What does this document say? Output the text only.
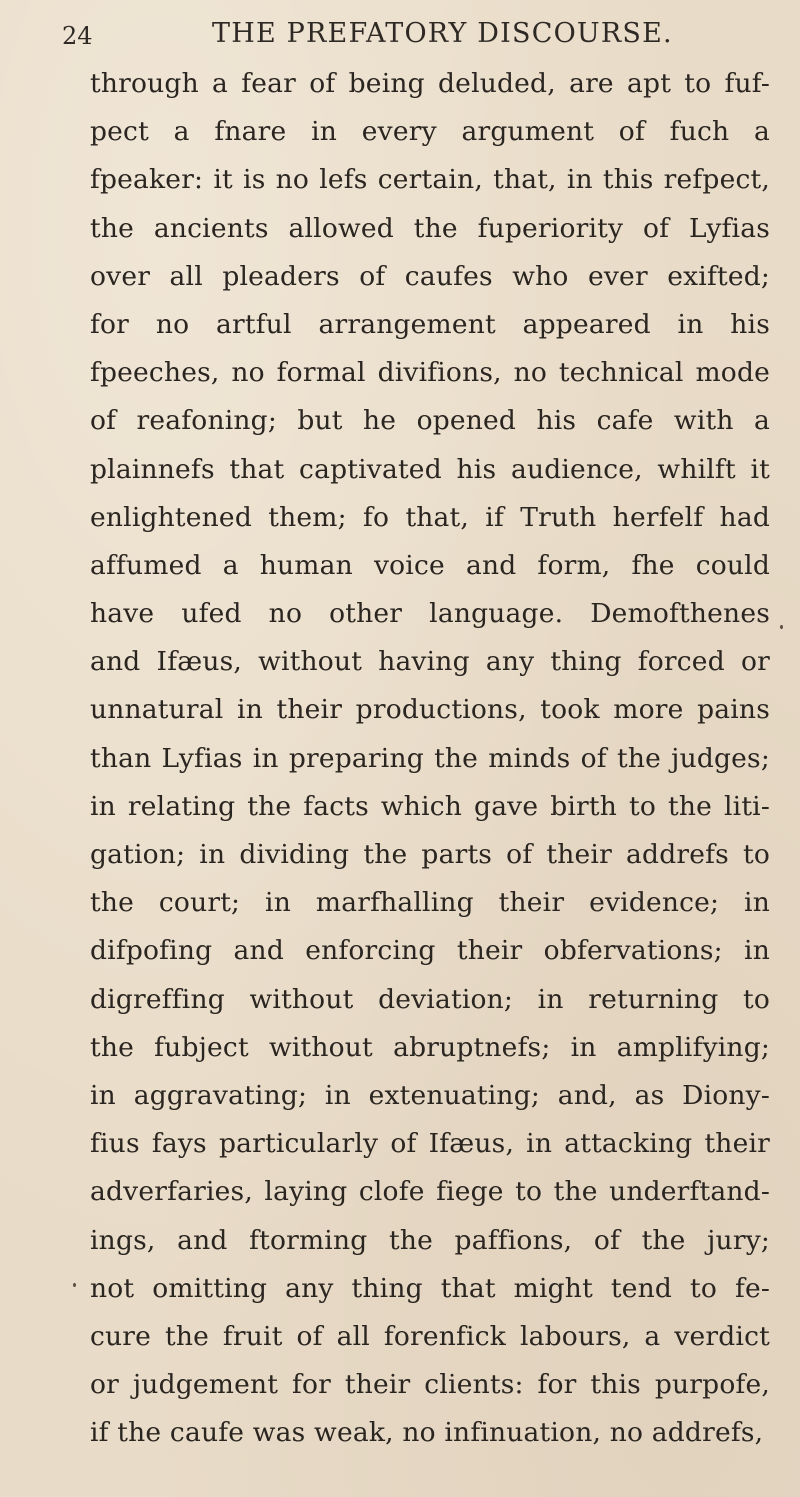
24	THE PREFATORY DISCOURSE.
through a fear of being deluded, are apt to fuf-
pect a fnare in every argument of fuch a
fpeaker: it is no lefs certain, that, in this refpect,
the ancients allowed the fuperiority of Lyfias
over all pleaders of caufes who ever exifted;
for no artful arrangement appeared in his
fpeeches, no formal divifions, no technical mode
of reafoning; but he opened his cafe with a
plainnefs that captivated his audience, whilft it
enlightened them; fo that, if Truth herfelf had
affumed a human voice and form, fhe could
have ufed no other language. Demofthenes
and Ifæus, without having any thing forced or
unnatural in their productions, took more pains
than Lyfias in preparing the minds of the judges;
in relating the facts which gave birth to the liti-
gation; in dividing the parts of their addrefs to
the court; in marfhalling their evidence; in
difpofing and enforcing their obfervations; in
digreffing without deviation; in returning to
the fubject without abruptnefs; in amplifying;
in aggravating; in extenuating; and, as Diony-
fius fays particularly of Ifæus, in attacking their
adverfaries, laying clofe fiege to the underftand-
ings, and ftorming the paffions, of the jury;
not omitting any thing that might tend to fe-
cure the fruit of all forenfick labours, a verdict
or judgement for their clients: for this purpofe,
if the caufe was weak, no infinuation, no addrefs,
